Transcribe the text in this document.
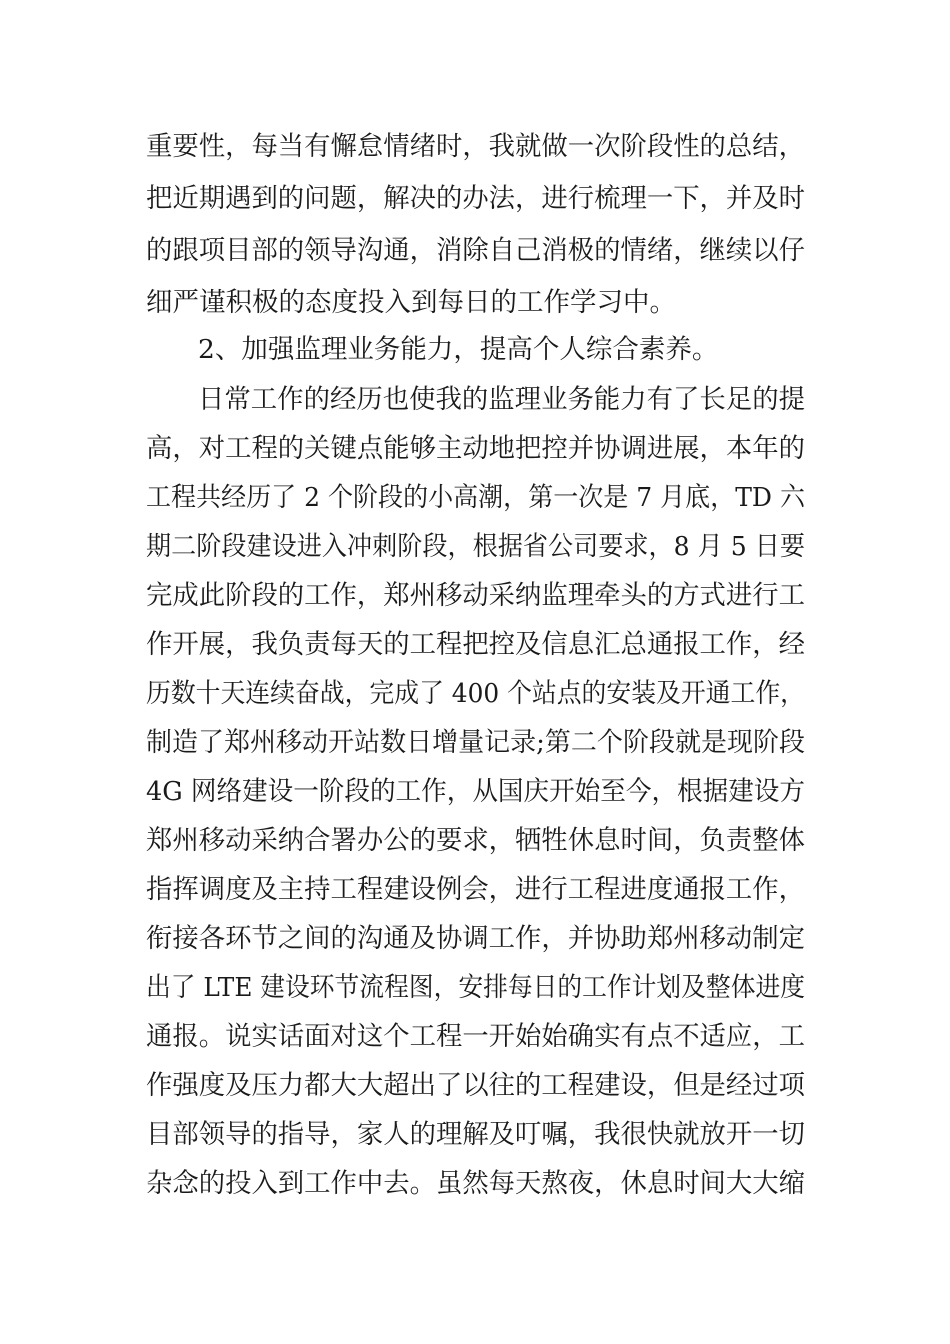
重要性，每当有懈怠情绪时，我就做一次阶段性的总结，
把近期遇到的问题，解决的办法，进行梳理一下，并及时
的跟项目部的领导沟通，消除自己消极的情绪，继续以仔
细严谨积极的态度投入到每日的工作学习中。
2、加强监理业务能力，提高个人综合素养。
日常工作的经历也使我的监理业务能力有了长足的提
高，对工程的关键点能够主动地把控并协调进展，本年的
工程共经历了 2 个阶段的小高潮，第一次是 7 月底，TD 六
期二阶段建设进入冲刺阶段，根据省公司要求，8 月 5 日要
完成此阶段的工作，郑州移动采纳监理牵头的方式进行工
作开展，我负责每天的工程把控及信息汇总通报工作，经
历数十天连续奋战，完成了 400 个站点的安装及开通工作，
制造了郑州移动开站数日增量记录;第二个阶段就是现阶段
4G 网络建设一阶段的工作，从国庆开始至今，根据建设方
郑州移动采纳合署办公的要求，牺牲休息时间，负责整体
指挥调度及主持工程建设例会，进行工程进度通报工作，
衔接各环节之间的沟通及协调工作，并协助郑州移动制定
出了 LTE 建设环节流程图，安排每日的工作计划及整体进度
通报。说实话面对这个工程一开始始确实有点不适应，工
作强度及压力都大大超出了以往的工程建设，但是经过项
目部领导的指导，家人的理解及叮嘱，我很快就放开一切
杂念的投入到工作中去。虽然每天熬夜，休息时间大大缩
